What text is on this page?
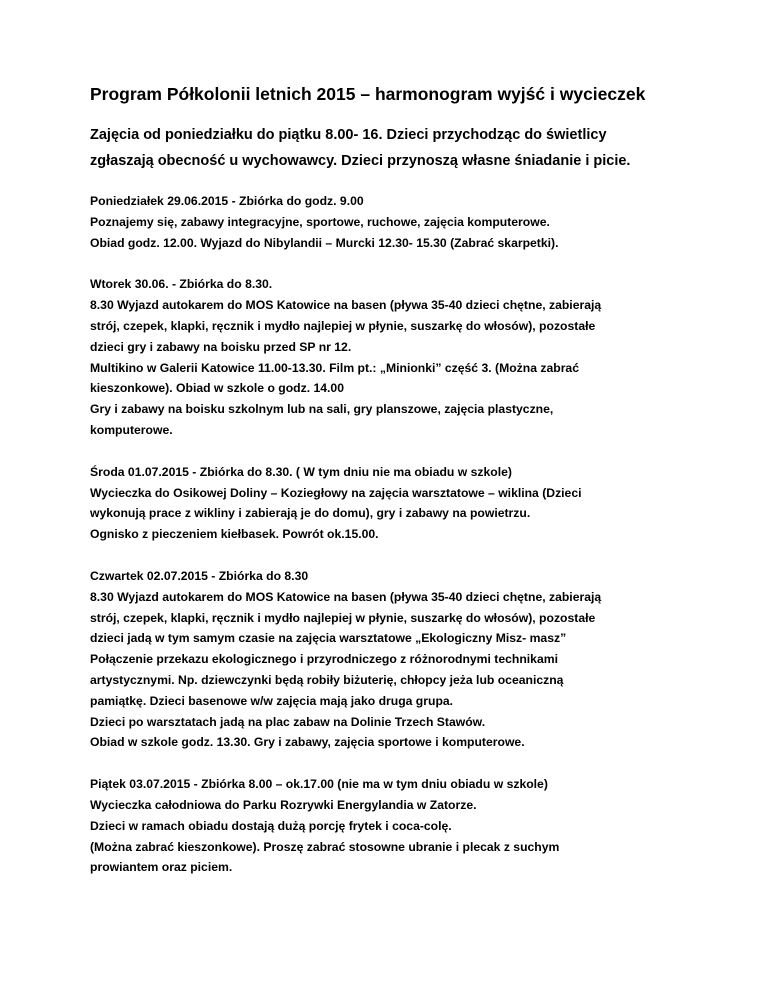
Program Półkolonii letnich 2015 – harmonogram wyjść i wycieczek

Zajęcia od poniedziałku do piątku 8.00- 16. Dzieci przychodząc do świetlicy
zgłaszają obecność u wychowawcy. Dzieci przynoszą własne śniadanie i picie.

Poniedziałek 29.06.2015 - Zbiórka do godz. 9.00
Poznajemy się, zabawy integracyjne, sportowe, ruchowe, zajęcia komputerowe.
Obiad godz. 12.00. Wyjazd do Nibylandii – Murcki 12.30- 15.30 (Zabrać skarpetki).
Wtorek 30.06. - Zbiórka do 8.30.
8.30 Wyjazd autokarem do MOS Katowice na basen (pływa 35-40 dzieci chętne, zabierają
strój, czepek, klapki, ręcznik i mydło najlepiej w płynie, suszarkę do włosów), pozostałe
dzieci gry i zabawy na boisku przed SP nr 12.
Multikino w Galerii Katowice 11.00-13.30. Film pt.: „Minionki” część 3. (Można zabrać
kieszonkowe). Obiad w szkole o godz. 14.00
Gry i zabawy na boisku szkolnym lub na sali, gry planszowe, zajęcia plastyczne,
komputerowe.
Środa 01.07.2015 - Zbiórka do 8.30. ( W tym dniu nie ma obiadu w szkole)
Wycieczka do Osikowej Doliny – Koziegłowy na zajęcia warsztatowe – wiklina (Dzieci
wykonują prace z wikliny i zabierają je do domu), gry i zabawy na powietrzu.
Ognisko z pieczeniem kiełbasek. Powrót ok.15.00.
Czwartek 02.07.2015 - Zbiórka do 8.30
8.30 Wyjazd autokarem do MOS Katowice na basen (pływa 35-40 dzieci chętne, zabierają
strój, czepek, klapki, ręcznik i mydło najlepiej w płynie, suszarkę do włosów), pozostałe
dzieci jadą w tym samym czasie na zajęcia warsztatowe „Ekologiczny Misz- masz”
Połączenie przekazu ekologicznego i przyrodniczego z różnorodnymi technikami
artystycznymi. Np. dziewczynki będą robiły biżuterię, chłopcy jeża lub oceaniczną
pamiątkę. Dzieci basenowe w/w zajęcia mają jako druga grupa.
Dzieci po warsztatach jadą na plac zabaw na Dolinie Trzech Stawów.
Obiad w szkole godz. 13.30. Gry i zabawy, zajęcia sportowe i komputerowe.
Piątek 03.07.2015 - Zbiórka 8.00 – ok.17.00 (nie ma w tym dniu obiadu w szkole)
Wycieczka całodniowa do Parku Rozrywki Energylandia w Zatorze.
Dzieci w ramach obiadu dostają dużą porcję frytek i coca-colę.
(Można zabrać kieszonkowe). Proszę zabrać stosowne ubranie i plecak z suchym
prowiantem oraz piciem.
